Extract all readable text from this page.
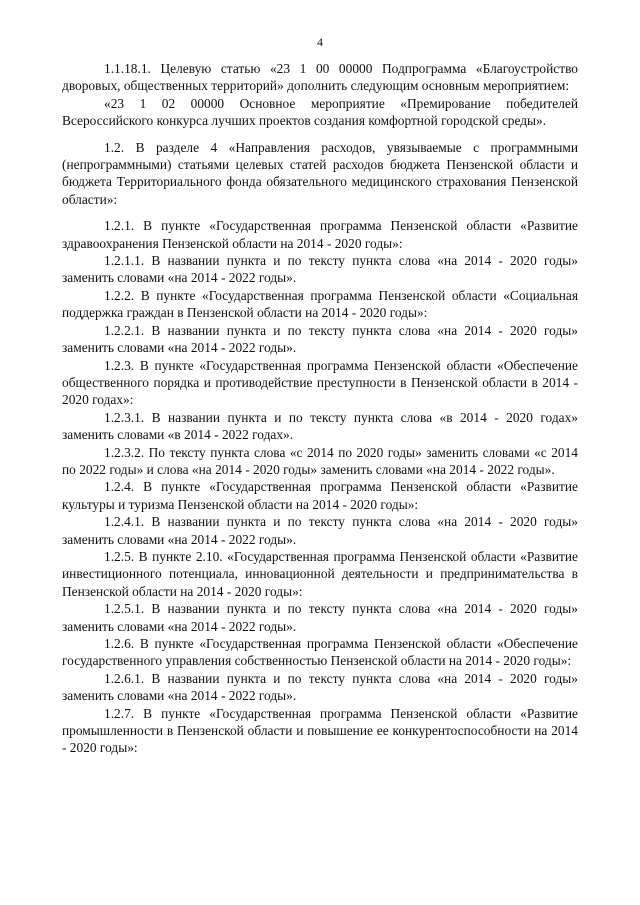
4

1.1.18.1. Целевую статью «23 1 00 00000 Подпрограмма «Благоустройство дворовых, общественных территорий» дополнить следующим основным мероприятием:

«23 1 02 00000 Основное мероприятие «Премирование победителей Всероссийского конкурса лучших проектов создания комфортной городской среды».

1.2. В разделе 4 «Направления расходов, увязываемые с программными (непрограммными) статьями целевых статей расходов бюджета Пензенской области и бюджета Территориального фонда обязательного медицинского страхования Пензенской области»:

1.2.1. В пункте «Государственная программа Пензенской области «Развитие здравоохранения Пензенской области на 2014 - 2020 годы»:

1.2.1.1. В названии пункта и по тексту пункта слова «на 2014 - 2020 годы» заменить словами «на 2014 - 2022 годы».

1.2.2. В пункте «Государственная программа Пензенской области «Социальная поддержка граждан в Пензенской области на 2014 - 2020 годы»:

1.2.2.1. В названии пункта и по тексту пункта слова «на 2014 - 2020 годы» заменить словами «на 2014 - 2022 годы».

1.2.3. В пункте «Государственная программа Пензенской области «Обеспечение общественного порядка и противодействие преступности в Пензенской области в 2014 - 2020 годах»:

1.2.3.1. В названии пункта и по тексту пункта слова «в 2014 - 2020 годах» заменить словами «в 2014 - 2022 годах».

1.2.3.2. По тексту пункта слова «с 2014 по 2020 годы» заменить словами «с 2014 по 2022 годы» и слова «на 2014 - 2020 годы» заменить словами «на 2014 - 2022 годы».

1.2.4. В пункте «Государственная программа Пензенской области «Развитие культуры и туризма Пензенской области на 2014 - 2020 годы»:

1.2.4.1. В названии пункта и по тексту пункта слова «на 2014 - 2020 годы» заменить словами «на 2014 - 2022 годы».

1.2.5. В пункте 2.10. «Государственная программа Пензенской области «Развитие инвестиционного потенциала, инновационной деятельности и предпринимательства в Пензенской области на 2014 - 2020 годы»:

1.2.5.1. В названии пункта и по тексту пункта слова «на 2014 - 2020 годы» заменить словами «на 2014 - 2022 годы».

1.2.6. В пункте «Государственная программа Пензенской области «Обеспечение государственного управления собственностью Пензенской области на 2014 - 2020 годы»:

1.2.6.1. В названии пункта и по тексту пункта слова «на 2014 - 2020 годы» заменить словами «на 2014 - 2022 годы».

1.2.7. В пункте «Государственная программа Пензенской области «Развитие промышленности в Пензенской области и повышение ее конкурентоспособности на 2014 - 2020 годы»:
